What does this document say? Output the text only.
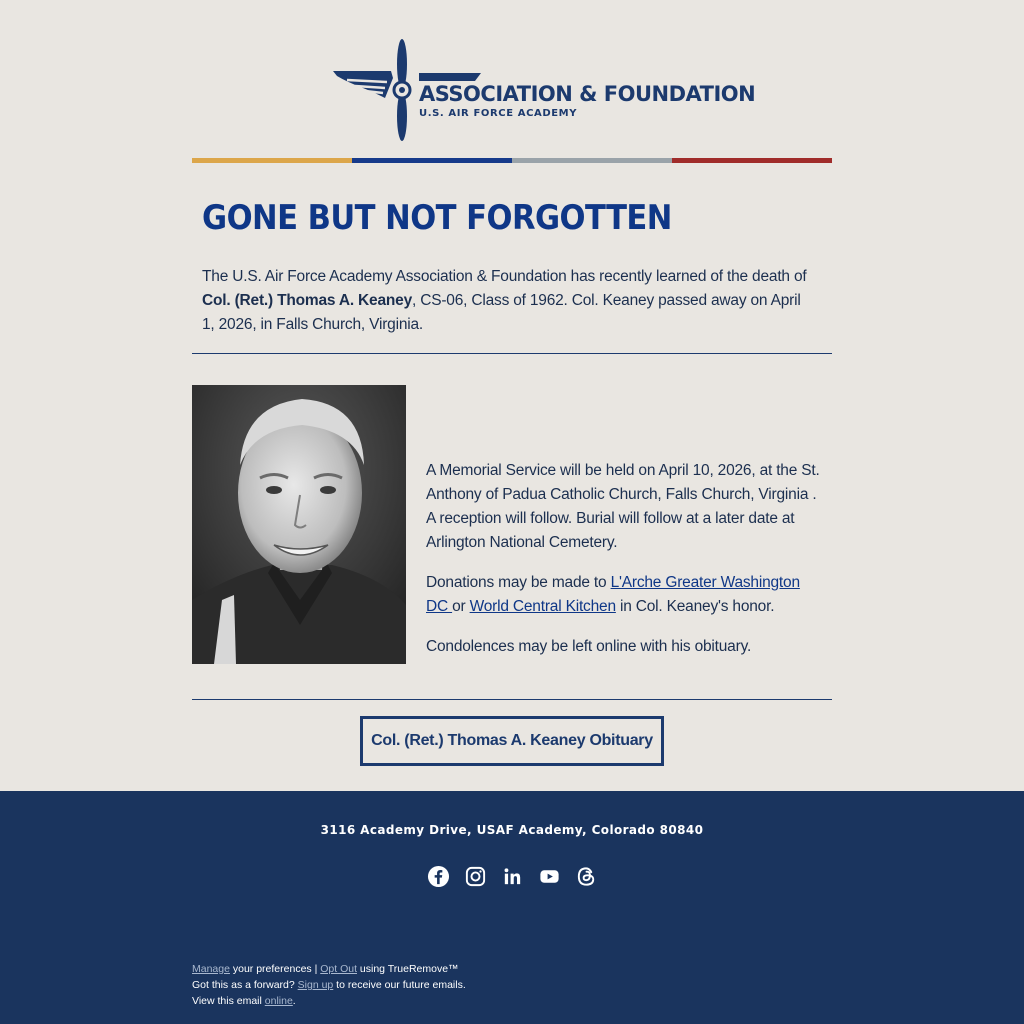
ASSOCIATION & FOUNDATION
U.S. AIR FORCE ACADEMY
GONE BUT NOT FORGOTTEN
The U.S. Air Force Academy Association & Foundation has recently learned of the death of Col. (Ret.) Thomas A. Keaney, CS-06, Class of 1962. Col. Keaney passed away on April 1, 2026, in Falls Church, Virginia.
A Memorial Service will be held on April 10, 2026, at the St. Anthony of Padua Catholic Church, Falls Church, Virginia . A reception will follow. Burial will follow at a later date at Arlington National Cemetery.
Donations may be made to L'Arche Greater Washington DC or World Central Kitchen in Col. Keaney's honor.
Condolences may be left online with his obituary.
Col. (Ret.) Thomas A. Keaney Obituary
3116 Academy Drive, USAF Academy, Colorado 80840
Manage your preferences | Opt Out using TrueRemove™
Got this as a forward? Sign up to receive our future emails.
View this email online.
